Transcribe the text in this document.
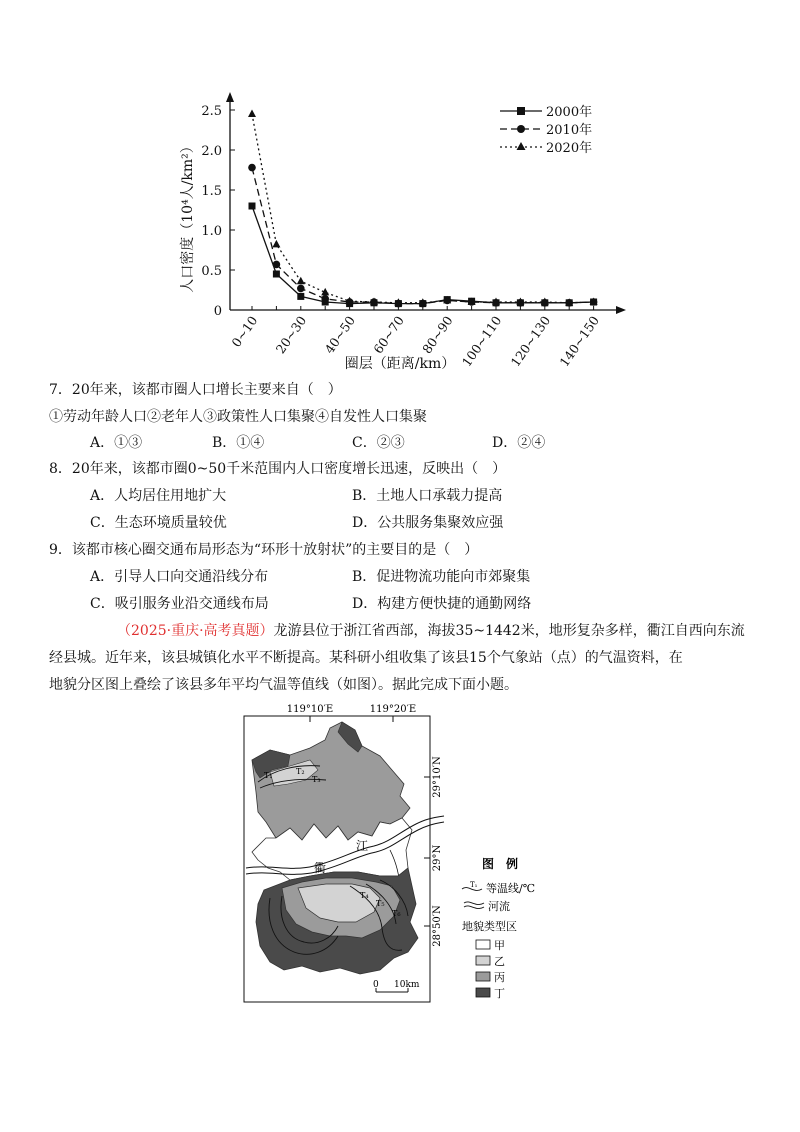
0
0.5
1.0
1.5
2.0
2.5
0~10 20~30 40~50 60~70 80~90 100~110 120~130 140~150
人口密度（10⁴人/km²）
圈层（距离/km）
2000年
2010年
2020年
7．20年来，该都市圈人口增长主要来自（　）
①劳动年龄人口②老年人③政策性人口集聚④自发性人口集聚
A．①③	B．①④	C．②③	D．②④
8．20年来，该都市圈0~50千米范围内人口密度增长迅速，反映出（　）
A．人均居住用地扩大	B．土地人口承载力提高
C．生态环境质量较优	D．公共服务集聚效应强
9．该都市核心圈交通布局形态为“环形十放射状”的主要目的是（　）
A．引导人口向交通沿线分布	B．促进物流功能向市郊聚集
C．吸引服务业沿交通线布局	D．构建方便快捷的通勤网络
（2025·重庆·高考真题）龙游县位于浙江省西部，海拔35~1442米，地形复杂多样，衢江自西向东流
经县城。近年来，该县城镇化水平不断提高。某科研小组收集了该县15个气象站（点）的气温资料，在
地貌分区图上叠绘了该县多年平均气温等值线（如图）。据此完成下面小题。
119°10′E	119°20′E
29°10′N
29°N
28°50′N
江
衢
T₁	T₂
T₃
T₄
T₅
T₆
0 10km
图　例
T₁ 等温线/℃
河流
地貌类型区
甲
乙
丙
丁
